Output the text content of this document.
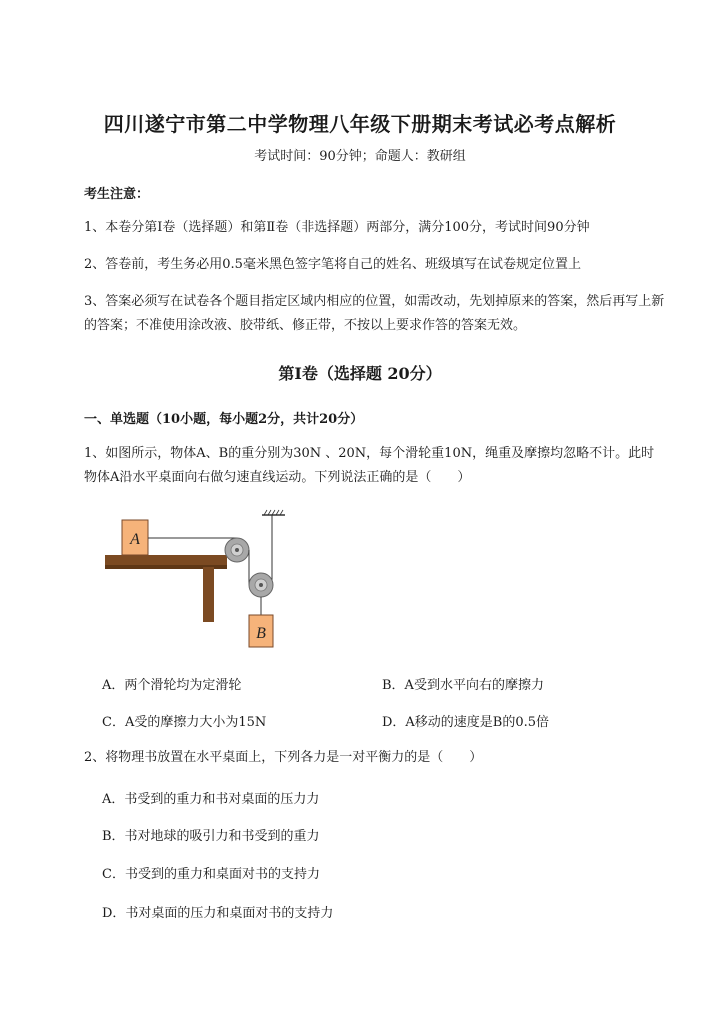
四川遂宁市第二中学物理八年级下册期末考试必考点解析
考试时间：90分钟；命题人：教研组
考生注意：
1、本卷分第Ⅰ卷（选择题）和第Ⅱ卷（非选择题）两部分，满分100分，考试时间90分钟
2、答卷前，考生务必用0.5毫米黑色签字笔将自己的姓名、班级填写在试卷规定位置上
3、答案必须写在试卷各个题目指定区域内相应的位置，如需改动，先划掉原来的答案，然后再写上新
的答案；不准使用涂改液、胶带纸、修正带，不按以上要求作答的答案无效。
第Ⅰ卷（选择题 20分）
一、单选题（10小题，每小题2分，共计20分）
1、如图所示，物体A、B的重分别为30N 、20N，每个滑轮重10N，绳重及摩擦均忽略不计。此时
物体A沿水平桌面向右做匀速直线运动。下列说法正确的是（　　）
A
B
A．两个滑轮均为定滑轮	B．A受到水平向右的摩擦力
C．A受的摩擦力大小为15N	D．A移动的速度是B的0.5倍
2、将物理书放置在水平桌面上，下列各力是一对平衡力的是（　　）
A．书受到的重力和书对桌面的压力力
B．书对地球的吸引力和书受到的重力
C．书受到的重力和桌面对书的支持力
D．书对桌面的压力和桌面对书的支持力
